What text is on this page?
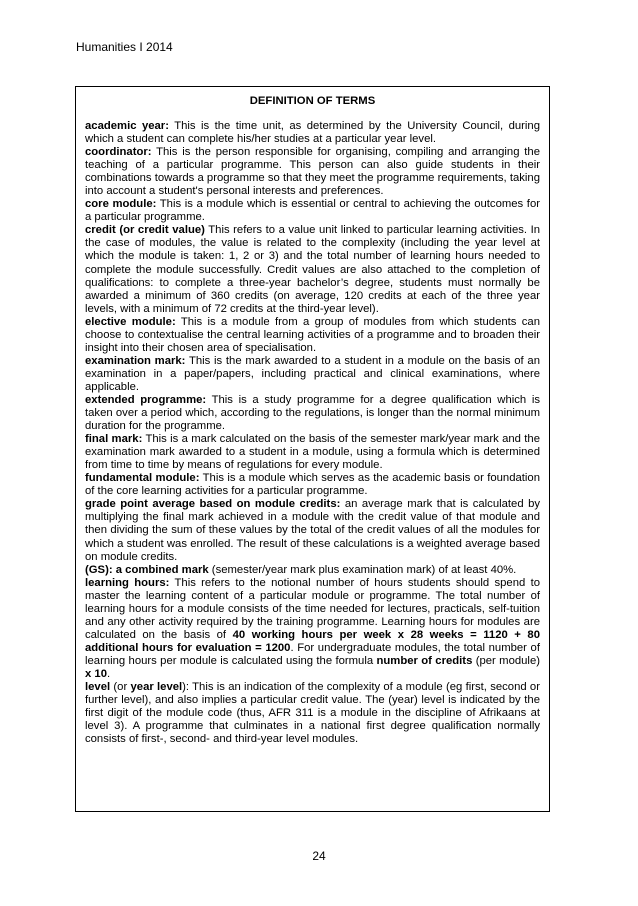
Humanities I 2014
DEFINITION OF TERMS

academic year: This is the time unit, as determined by the University Council, during which a student can complete his/her studies at a particular year level.

coordinator: This is the person responsible for organising, compiling and arranging the teaching of a particular programme. This person can also guide students in their combinations towards a programme so that they meet the programme requirements, taking into account a student's personal interests and preferences.

core module: This is a module which is essential or central to achieving the outcomes for a particular programme.

credit (or credit value) This refers to a value unit linked to particular learning activities. In the case of modules, the value is related to the complexity (including the year level at which the module is taken: 1, 2 or 3) and the total number of learning hours needed to complete the module successfully. Credit values are also attached to the completion of qualifications: to complete a three-year bachelor’s degree, students must normally be awarded a minimum of 360 credits (on average, 120 credits at each of the three year levels, with a minimum of 72 credits at the third-year level).

elective module: This is a module from a group of modules from which students can choose to contextualise the central learning activities of a programme and to broaden their insight into their chosen area of specialisation.

examination mark: This is the mark awarded to a student in a module on the basis of an examination in a paper/papers, including practical and clinical examinations, where applicable.

extended programme: This is a study programme for a degree qualification which is taken over a period which, according to the regulations, is longer than the normal minimum duration for the programme.

final mark: This is a mark calculated on the basis of the semester mark/year mark and the examination mark awarded to a student in a module, using a formula which is determined from time to time by means of regulations for every module.

fundamental module: This is a module which serves as the academic basis or foundation of the core learning activities for a particular programme.

grade point average based on module credits: an average mark that is calculated by multiplying the final mark achieved in a module with the credit value of that module and then dividing the sum of these values by the total of the credit values of all the modules for which a student was enrolled. The result of these calculations is a weighted average based on module credits.

(GS): a combined mark (semester/year mark plus examination mark) of at least 40%.

learning hours: This refers to the notional number of hours students should spend to master the learning content of a particular module or programme. The total number of learning hours for a module consists of the time needed for lectures, practicals, self-tuition and any other activity required by the training programme. Learning hours for modules are calculated on the basis of 40 working hours per week x 28 weeks = 1120 + 80 additional hours for evaluation = 1200. For undergraduate modules, the total number of learning hours per module is calculated using the formula number of credits (per module) x 10.

level (or year level): This is an indication of the complexity of a module (eg first, second or further level), and also implies a particular credit value. The (year) level is indicated by the first digit of the module code (thus, AFR 311 is a module in the discipline of Afrikaans at level 3). A programme that culminates in a national first degree qualification normally consists of first-, second- and third-year level modules.

24
